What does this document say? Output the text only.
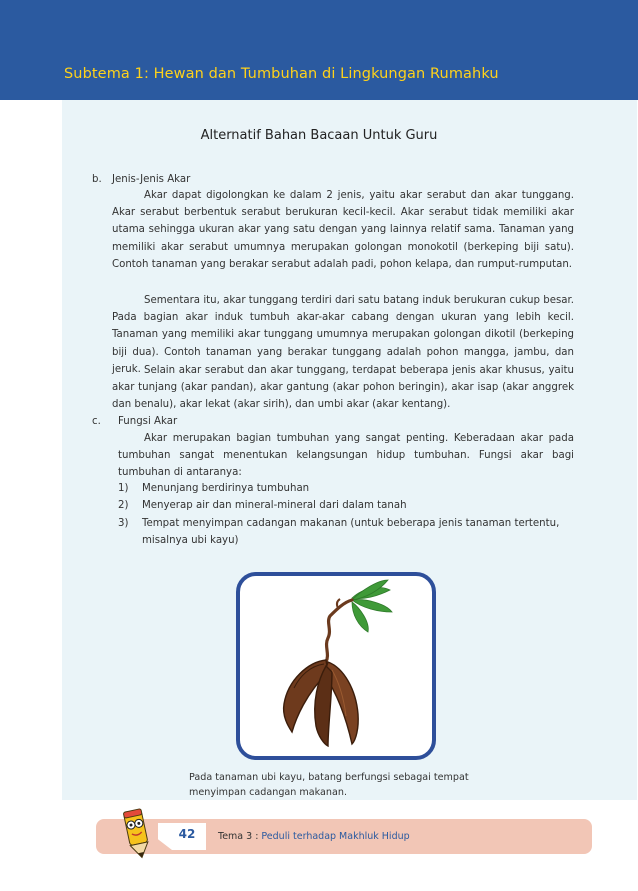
Subtema 1: Hewan dan Tumbuhan di Lingkungan Rumahku
Alternatif Bahan Bacaan Untuk Guru
b. Jenis-Jenis Akar
Akar dapat digolongkan ke dalam 2 jenis, yaitu akar serabut dan akar tunggang. Akar serabut berbentuk serabut berukuran kecil-kecil. Akar serabut tidak memiliki akar utama sehingga ukuran akar yang satu dengan yang lainnya relatif sama. Tanaman yang memiliki akar serabut umumnya merupakan golongan monokotil (berkeping biji satu). Contoh tanaman yang berakar serabut adalah padi, pohon kelapa, dan rumput-rumputan.
Sementara itu, akar tunggang terdiri dari satu batang induk berukuran cukup besar. Pada bagian akar induk tumbuh akar-akar cabang dengan ukuran yang lebih kecil. Tanaman yang memiliki akar tunggang umumnya merupakan golongan dikotil (berkeping biji dua). Contoh tanaman yang berakar tunggang adalah pohon mangga, jambu, dan jeruk. Selain akar serabut dan akar tunggang, terdapat beberapa jenis akar khusus, yaitu akar tunjang (akar pandan), akar gantung (akar pohon beringin), akar isap (akar anggrek dan benalu), akar lekat (akar sirih), dan umbi akar (akar kentang).
c. Fungsi Akar
Akar merupakan bagian tumbuhan yang sangat penting. Keberadaan akar pada tumbuhan sangat menentukan kelangsungan hidup tumbuhan. Fungsi akar bagi tumbuhan di antaranya:
1) Menunjang berdirinya tumbuhan
2) Menyerap air dan mineral-mineral dari dalam tanah
3) Tempat menyimpan cadangan makanan (untuk beberapa jenis tanaman tertentu, misalnya ubi kayu)
Pada tanaman ubi kayu, batang berfungsi sebagai tempat menyimpan cadangan makanan.
42	Tema 3 : Peduli terhadap Makhluk Hidup
